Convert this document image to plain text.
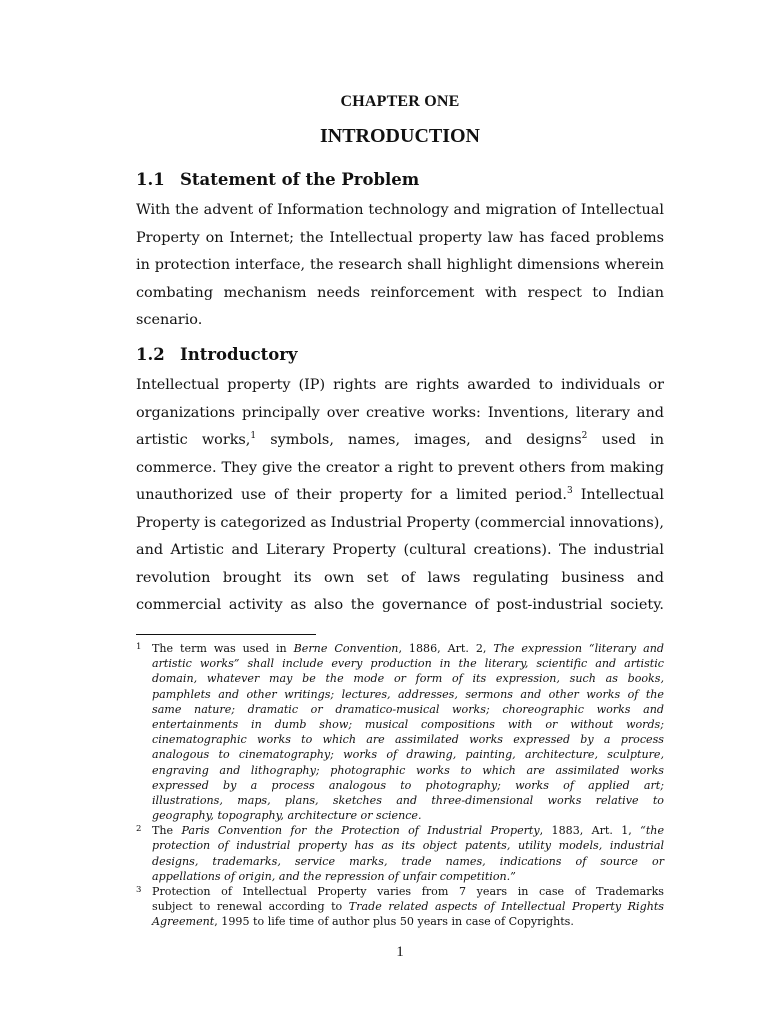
CHAPTER ONE
INTRODUCTION
1.1 Statement of the Problem
With the advent of Information technology and migration of Intellectual
Property on Internet; the Intellectual property law has faced problems
in protection interface, the research shall highlight dimensions wherein
combating mechanism needs reinforcement with respect to Indian
scenario.
1.2 Introductory
Intellectual property (IP) rights are rights awarded to individuals or
organizations principally over creative works: Inventions, literary and
artistic works,$^1$ symbols, names, images, and designs$^2$ used in
commerce. They give the creator a right to prevent others from making
unauthorized use of their property for a limited period.$^3$ Intellectual
Property is categorized as Industrial Property (commercial innovations),
and Artistic and Literary Property (cultural creations). The industrial
revolution brought its own set of laws regulating business and
commercial activity as also the governance of post-industrial society.
1 The term was used in Berne Convention, 1886, Art. 2, The expression “literary and
artistic works” shall include every production in the literary, scientific and artistic
domain, whatever may be the mode or form of its expression, such as books,
pamphlets and other writings; lectures, addresses, sermons and other works of the
same nature; dramatic or dramatico-musical works; choreographic works and
entertainments in dumb show; musical compositions with or without words;
cinematographic works to which are assimilated works expressed by a process
analogous to cinematography; works of drawing, painting, architecture, sculpture,
engraving and lithography; photographic works to which are assimilated works
expressed by a process analogous to photography; works of applied art;
illustrations, maps, plans, sketches and three-dimensional works relative to
geography, topography, architecture or science.
2 The Paris Convention for the Protection of Industrial Property, 1883, Art. 1, “the
protection of industrial property has as its object patents, utility models, industrial
designs, trademarks, service marks, trade names, indications of source or
appellations of origin, and the repression of unfair competition.”
3 Protection of Intellectual Property varies from 7 years in case of Trademarks
subject to renewal according to Trade related aspects of Intellectual Property Rights
Agreement, 1995 to life time of author plus 50 years in case of Copyrights.
1
